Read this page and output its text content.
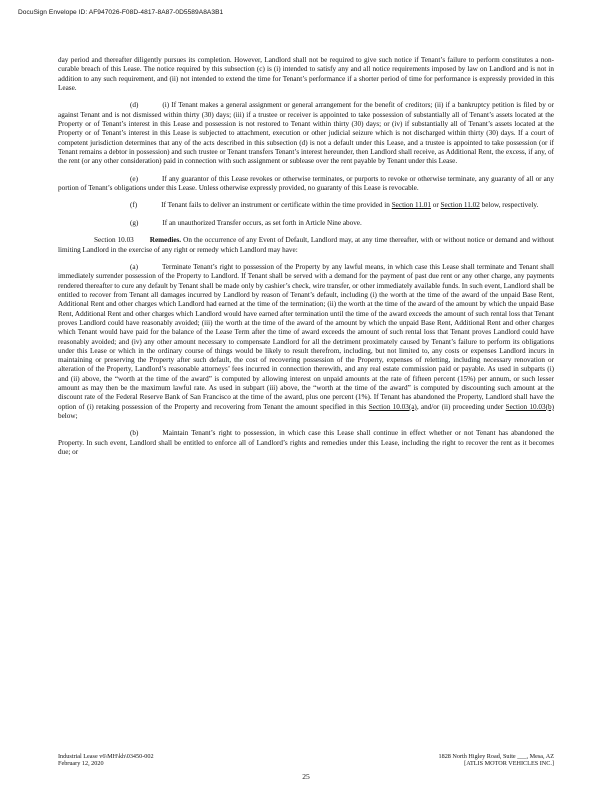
DocuSign Envelope ID: AF947026-F08D-4817-8A87-0D5589A8A3B1

day period and thereafter diligently pursues its completion. However, Landlord shall not be required to give such notice if Tenant’s failure to perform constitutes a non-curable breach of this Lease. The notice required by this subsection (c) is (i) intended to satisfy any and all notice requirements imposed by law on Landlord and is not in addition to any such requirement, and (ii) not intended to extend the time for Tenant’s performance if a shorter period of time for performance is expressly provided in this Lease.

(d)	(i) If Tenant makes a general assignment or general arrangement for the benefit of creditors; (ii) if a bankruptcy petition is filed by or against Tenant and is not dismissed within thirty (30) days; (iii) if a trustee or receiver is appointed to take possession of substantially all of Tenant’s assets located at the Property or of Tenant’s interest in this Lease and possession is not restored to Tenant within thirty (30) days; or (iv) if substantially all of Tenant’s assets located at the Property or of Tenant’s interest in this Lease is subjected to attachment, execution or other judicial seizure which is not discharged within thirty (30) days. If a court of competent jurisdiction determines that any of the acts described in this subsection (d) is not a default under this Lease, and a trustee is appointed to take possession (or if Tenant remains a debtor in possession) and such trustee or Tenant transfers Tenant’s interest hereunder, then Landlord shall receive, as Additional Rent, the excess, if any, of the rent (or any other consideration) paid in connection with such assignment or sublease over the rent payable by Tenant under this Lease.

(e)	If any guarantor of this Lease revokes or otherwise terminates, or purports to revoke or otherwise terminate, any guaranty of all or any portion of Tenant’s obligations under this Lease. Unless otherwise expressly provided, no guaranty of this Lease is revocable.

(f)	If Tenant fails to deliver an instrument or certificate within the time provided in Section 11.01 or Section 11.02 below, respectively.

(g)	If an unauthorized Transfer occurs, as set forth in Article Nine above.

Section 10.03 Remedies. On the occurrence of any Event of Default, Landlord may, at any time thereafter, with or without notice or demand and without limiting Landlord in the exercise of any right or remedy which Landlord may have:

(a)	Terminate Tenant’s right to possession of the Property by any lawful means, in which case this Lease shall terminate and Tenant shall immediately surrender possession of the Property to Landlord. If Tenant shall be served with a demand for the payment of past due rent or any other charge, any payments rendered thereafter to cure any default by Tenant shall be made only by cashier’s check, wire transfer, or other immediately available funds. In such event, Landlord shall be entitled to recover from Tenant all damages incurred by Landlord by reason of Tenant’s default, including (i) the worth at the time of the award of the unpaid Base Rent, Additional Rent and other charges which Landlord had earned at the time of the termination; (ii) the worth at the time of the award of the amount by which the unpaid Base Rent, Additional Rent and other charges which Landlord would have earned after termination until the time of the award exceeds the amount of such rental loss that Tenant proves Landlord could have reasonably avoided; (iii) the worth at the time of the award of the amount by which the unpaid Base Rent, Additional Rent and other charges which Tenant would have paid for the balance of the Lease Term after the time of award exceeds the amount of such rental loss that Tenant proves Landlord could have reasonably avoided; and (iv) any other amount necessary to compensate Landlord for all the detriment proximately caused by Tenant’s failure to perform its obligations under this Lease or which in the ordinary course of things would be likely to result therefrom, including, but not limited to, any costs or expenses Landlord incurs in maintaining or preserving the Property after such default, the cost of recovering possession of the Property, expenses of reletting, including necessary renovation or alteration of the Property, Landlord’s reasonable attorneys’ fees incurred in connection therewith, and any real estate commission paid or payable. As used in subparts (i) and (ii) above, the “worth at the time of the award” is computed by allowing interest on unpaid amounts at the rate of fifteen percent (15%) per annum, or such lesser amount as may then be the maximum lawful rate. As used in subpart (iii) above, the “worth at the time of the award” is computed by discounting such amount at the discount rate of the Federal Reserve Bank of San Francisco at the time of the award, plus one percent (1%). If Tenant has abandoned the Property, Landlord shall have the option of (i) retaking possession of the Property and recovering from Tenant the amount specified in this Section 10.03(a), and/or (ii) proceeding under Section 10.03(b) below;

(b)	Maintain Tenant’s right to possession, in which case this Lease shall continue in effect whether or not Tenant has abandoned the Property. In such event, Landlord shall be entitled to enforce all of Landlord’s rights and remedies under this Lease, including the right to recover the rent as it becomes due; or

Industrial Lease v6\MH\kh\03450-002
February 12, 2020
1828 North Higley Road, Suite ___, Mesa, AZ
[ATLIS MOTOR VEHICLES INC.]
25
